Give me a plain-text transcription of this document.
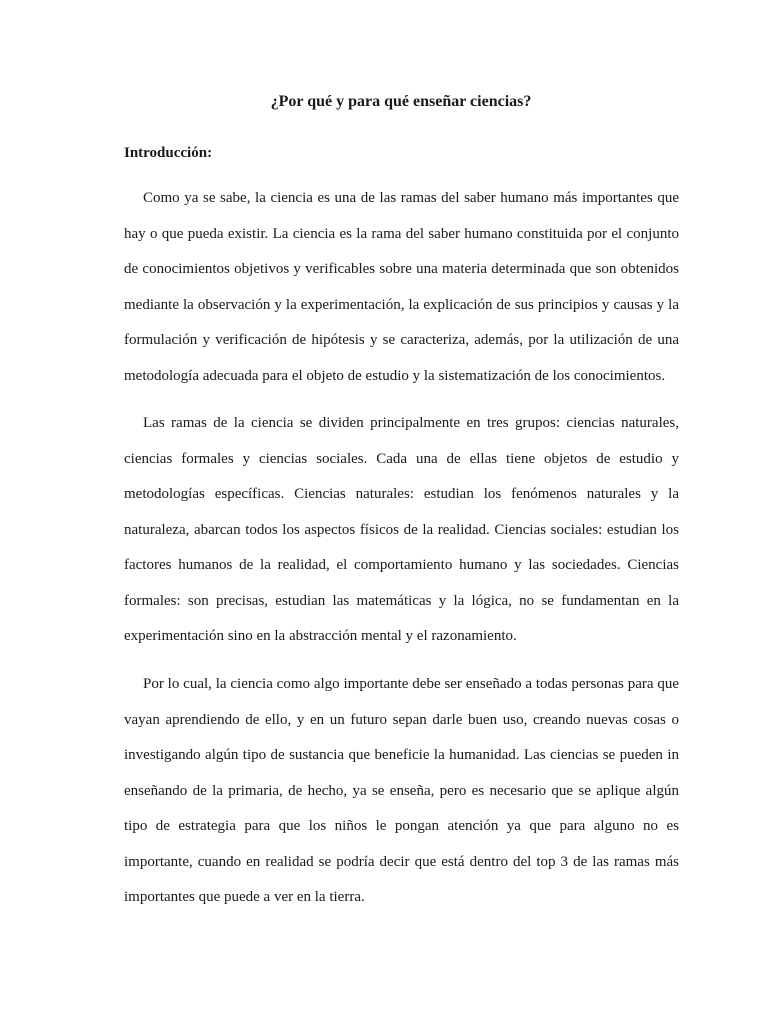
¿Por qué y para qué enseñar ciencias?
Introducción:

Como ya se sabe, la ciencia es una de las ramas del saber humano más importantes que hay o que pueda existir. La ciencia es la rama del saber humano constituida por el conjunto de conocimientos objetivos y verificables sobre una materia determinada que son obtenidos mediante la observación y la experimentación, la explicación de sus principios y causas y la formulación y verificación de hipótesis y se caracteriza, además, por la utilización de una metodología adecuada para el objeto de estudio y la sistematización de los conocimientos.

Las ramas de la ciencia se dividen principalmente en tres grupos: ciencias naturales, ciencias formales y ciencias sociales. Cada una de ellas tiene objetos de estudio y metodologías específicas. Ciencias naturales: estudian los fenómenos naturales y la naturaleza, abarcan todos los aspectos físicos de la realidad. Ciencias sociales: estudian los factores humanos de la realidad, el comportamiento humano y las sociedades. Ciencias formales: son precisas, estudian las matemáticas y la lógica, no se fundamentan en la experimentación sino en la abstracción mental y el razonamiento.

Por lo cual, la ciencia como algo importante debe ser enseñado a todas personas para que vayan aprendiendo de ello, y en un futuro sepan darle buen uso, creando nuevas cosas o investigando algún tipo de sustancia que beneficie la humanidad. Las ciencias se pueden in enseñando de la primaria, de hecho, ya se enseña, pero es necesario que se aplique algún tipo de estrategia para que los niños le pongan atención ya que para alguno no es importante, cuando en realidad se podría decir que está dentro del top 3 de las ramas más importantes que puede a ver en la tierra.
